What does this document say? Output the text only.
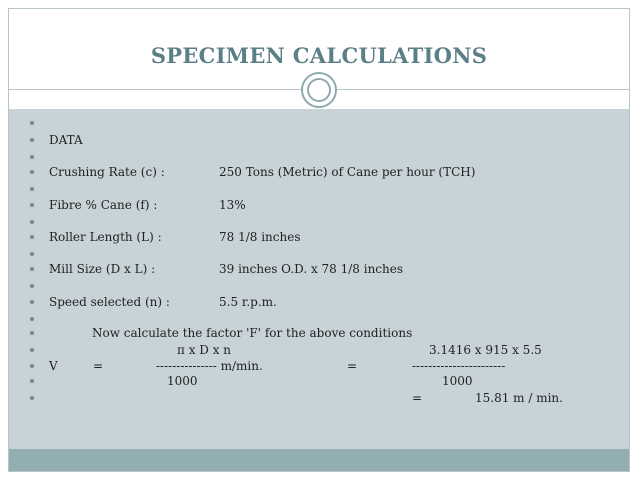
SPECIMEN CALCULATIONS
DATA
Crushing Rate (c) :	250 Tons (Metric) of Cane per hour (TCH)
Fibre % Cane (f) :	13%
Roller Length (L) :	78 1/8 inches
Mill Size (D x L) :	39 inches O.D. x 78 1/8 inches
Speed selected (n) :	5.5 r.p.m.
Now calculate the factor 'F' for the above conditions
π x D x n	3.1416 x 915 x 5.5
V	=	--------------- m/min.	=	-----------------------
1000	1000
=	15.81 m / min.
